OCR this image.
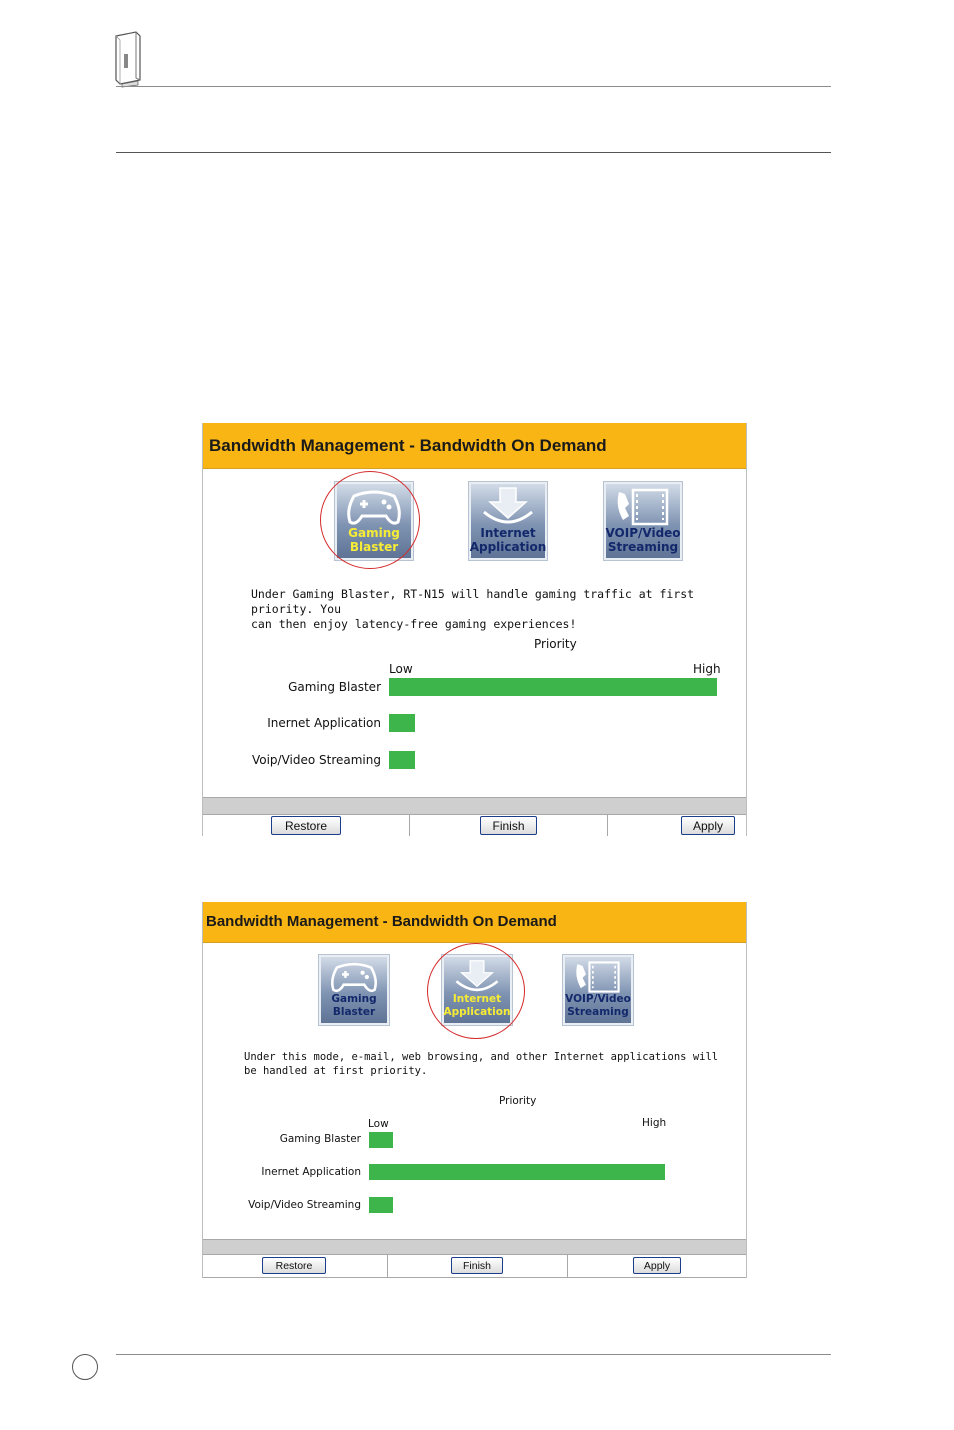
Bandwidth Management - Bandwidth On Demand
Gaming
Blaster
Internet
Application
VOIP/Video
Streaming
Under Gaming Blaster, RT-N15 will handle gaming traffic at first priority. You
can then enjoy latency-free gaming experiences!
Priority
Low	High
Gaming Blaster
Inernet Application
Voip/Video Streaming
Restore	Finish	Apply
Bandwidth Management - Bandwidth On Demand
Gaming
Blaster
Internet
Application
VOIP/Video
Streaming
Under this mode, e-mail, web browsing, and other Internet applications will
be handled at first priority.
Priority
Low	High
Gaming Blaster
Inernet Application
Voip/Video Streaming
Restore	Finish	Apply
